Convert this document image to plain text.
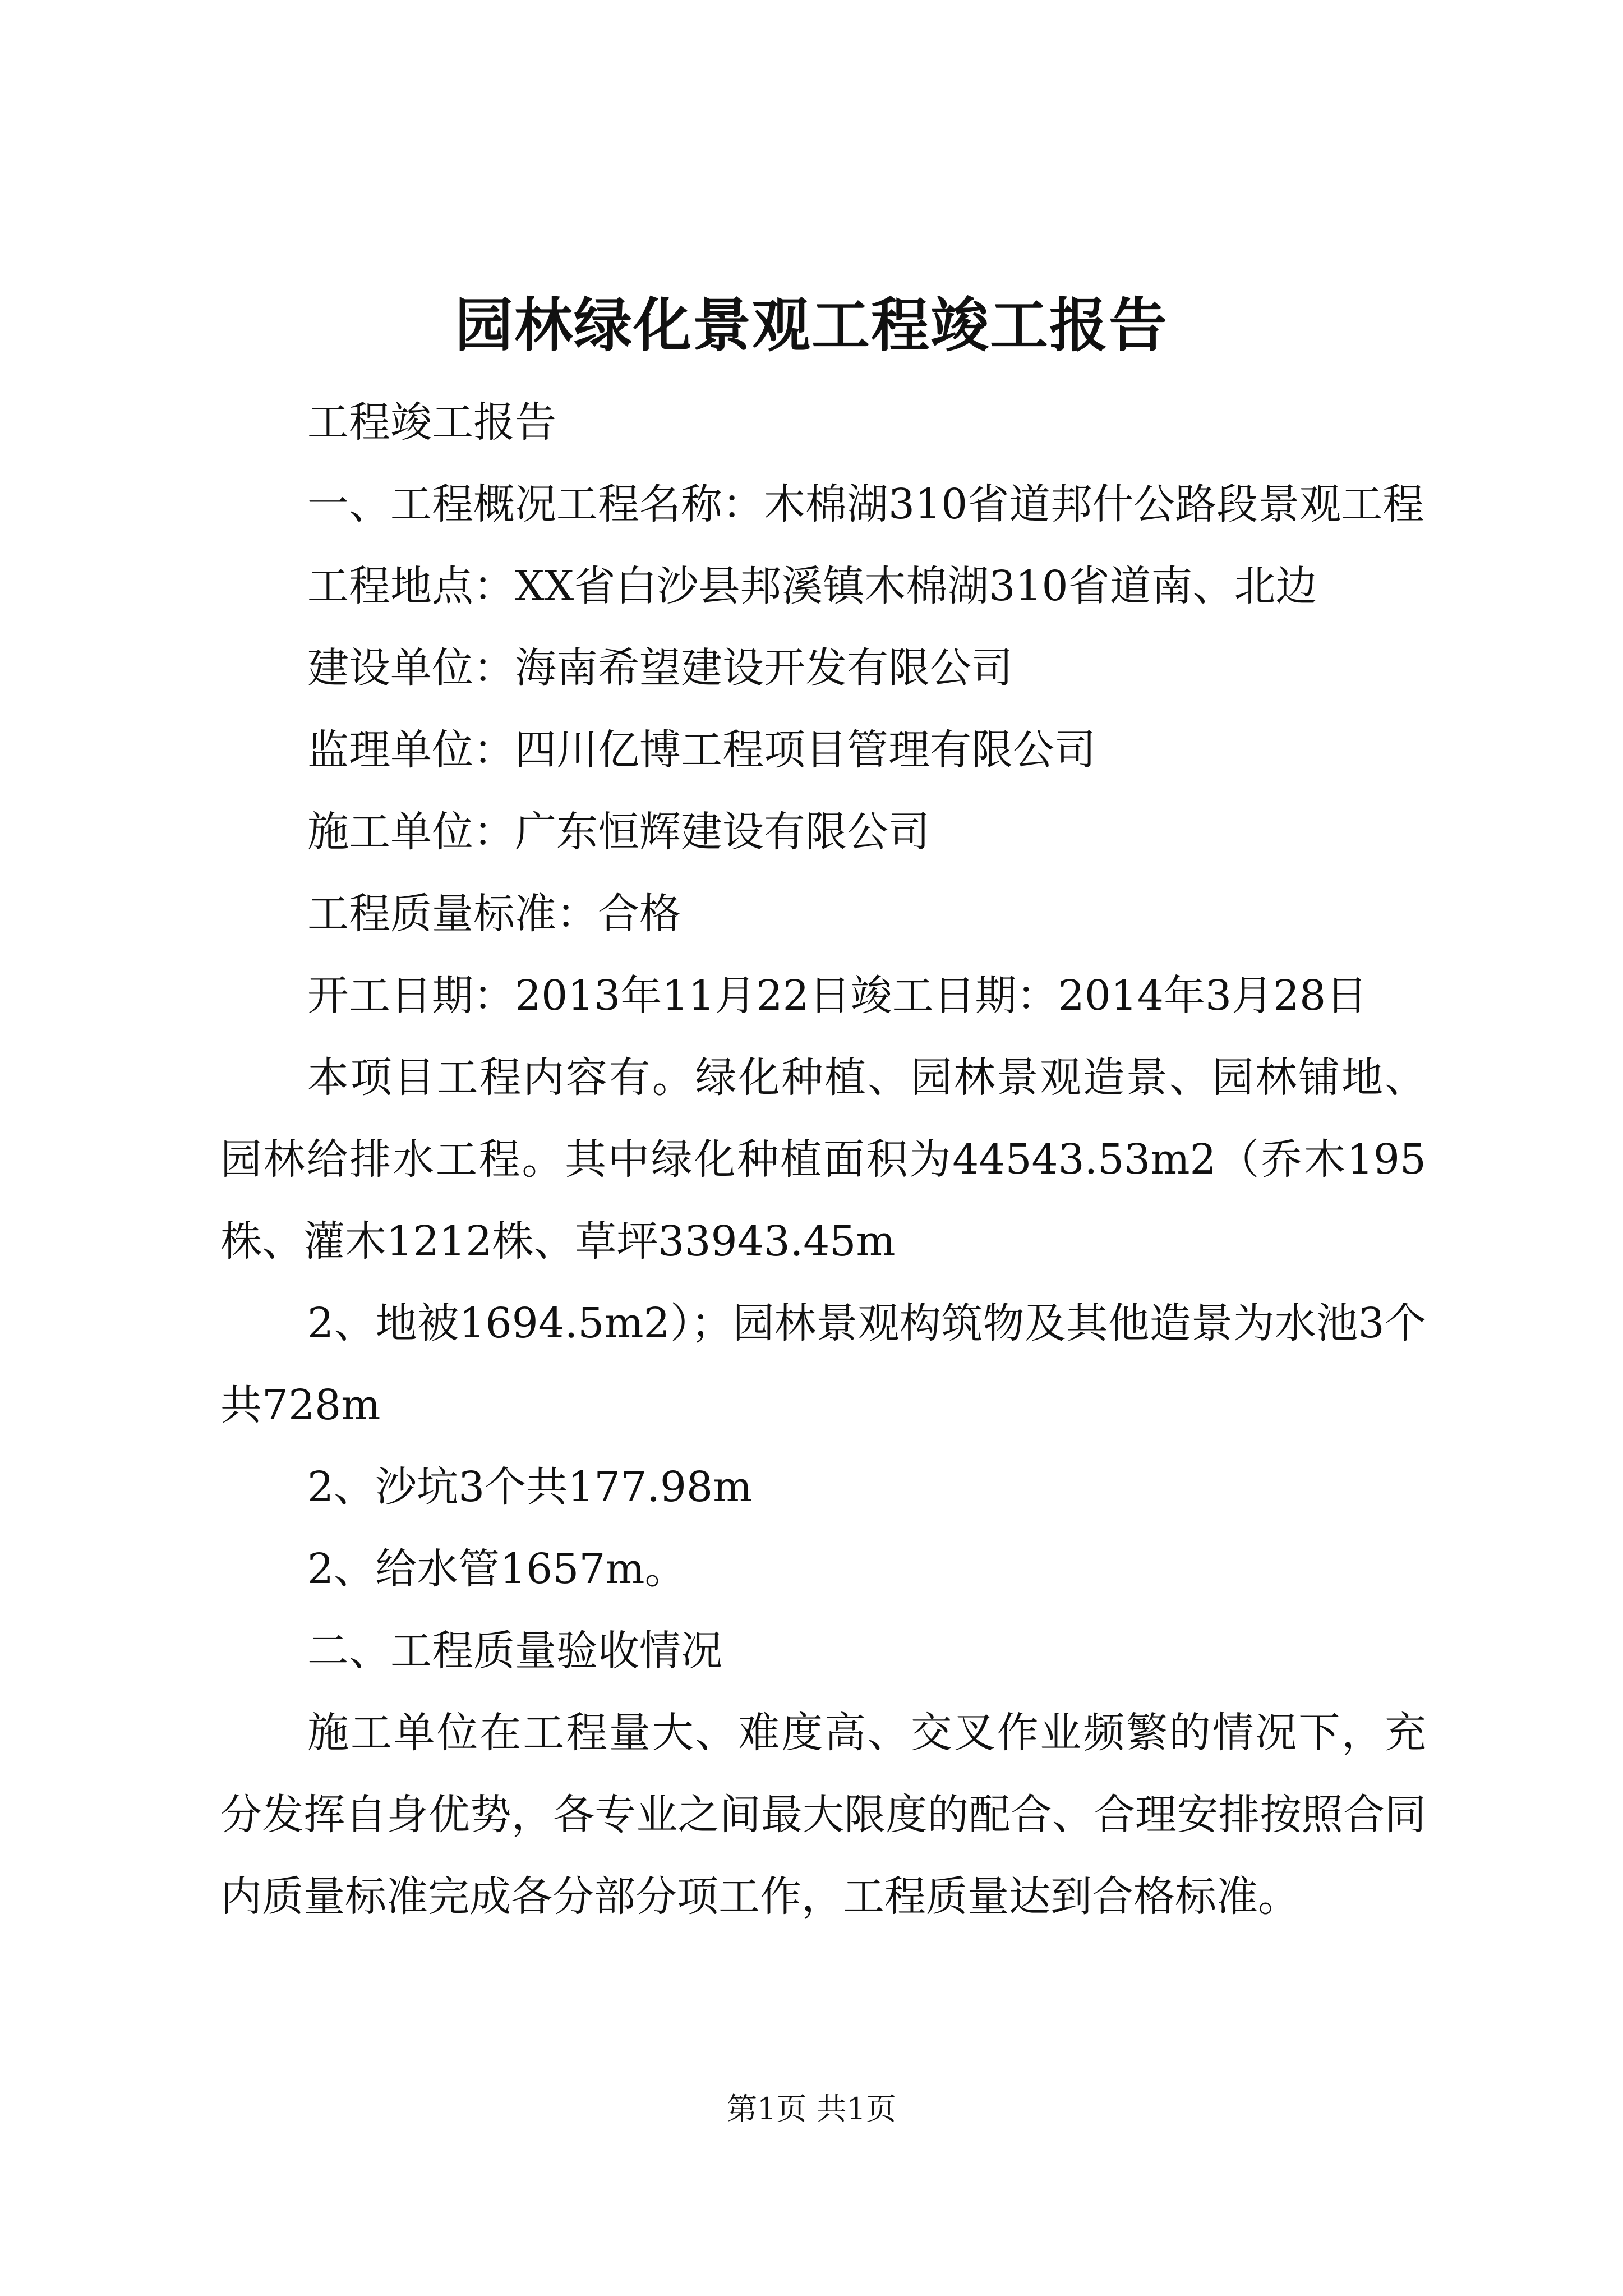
园林绿化景观工程竣工报告

工程竣工报告

一、工程概况工程名称：木棉湖310省道邦什公路段景观工程

工程地点：XX省白沙县邦溪镇木棉湖310省道南、北边

建设单位：海南希望建设开发有限公司

监理单位：四川亿博工程项目管理有限公司

施工单位：广东恒辉建设有限公司

工程质量标准：合格

开工日期：2013年11月22日竣工日期：2014年3月28日

本项目工程内容有。绿化种植、园林景观造景、园林铺地、园林给排水工程。其中绿化种植面积为44543.53m2（乔木195株、灌木1212株、草坪33943.45m

2、地被1694.5m2）；园林景观构筑物及其他造景为水池3个共728m

2、沙坑3个共177.98m

2、给水管1657m。

二、工程质量验收情况

施工单位在工程量大、难度高、交叉作业频繁的情况下，充分发挥自身优势，各专业之间最大限度的配合、合理安排按照合同内质量标准完成各分部分项工作，工程质量达到合格标准。

第1页 共1页
